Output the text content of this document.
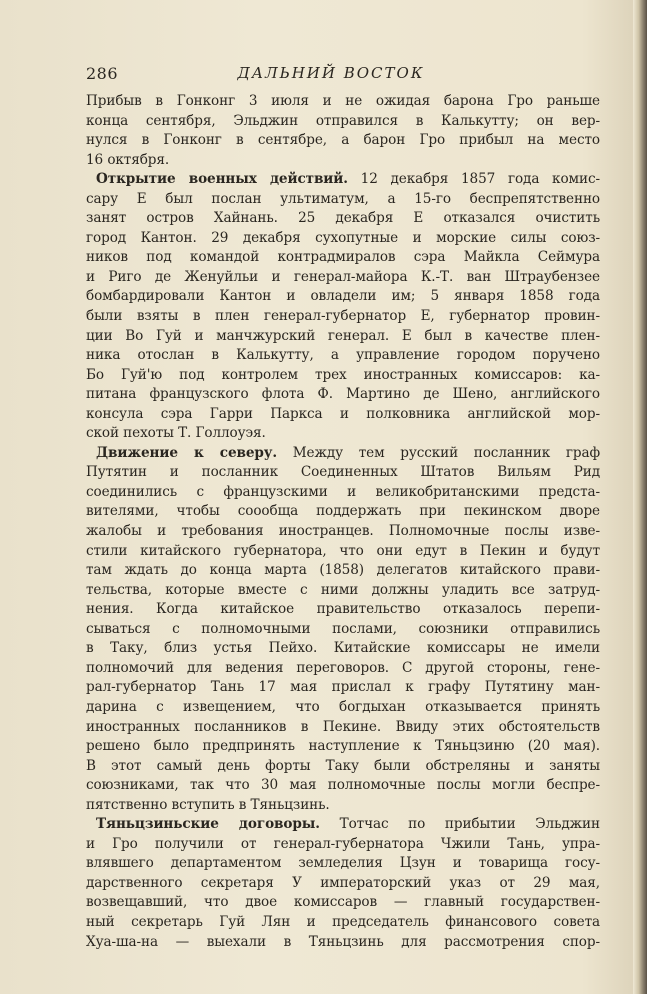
286	ДАЛЬНИЙ ВОСТОК
Прибыв в Гонконг 3 июля и не ожидая барона Гро раньше
конца сентября, Эльджин отправился в Калькутту; он вер-
нулся в Гонконг в сентябре, а барон Гро прибыл на место
16 октября.
Открытие военных действий. 12 декабря 1857 года комис-
сару Е был послан ультиматум, а 15-го беспрепятственно
занят остров Хайнань. 25 декабря Е отказался очистить
город Кантон. 29 декабря сухопутные и морские силы союз-
ников под командой контрадмиралов сэра Майкла Сеймура
и Риго де Женуйльи и генерал-майора К.-Т. ван Штраубензее
бомбардировали Кантон и овладели им; 5 января 1858 года
были взяты в плен генерал-губернатор Е, губернатор провин-
ции Во Гуй и манчжурский генерал. Е был в качестве плен-
ника отослан в Калькутту, а управление городом поручено
Бо Гуй'ю под контролем трех иностранных комиссаров: ка-
питана французского флота Ф. Мартино де Шено, английского
консула сэра Гарри Паркса и полковника английской мор-
ской пехоты Т. Голлоуэя.
Движение к северу. Между тем русский посланник граф
Путятин и посланник Соединенных Штатов Вильям Рид
соединились с французскими и великобританскими предста-
вителями, чтобы соообща поддержать при пекинском дворе
жалобы и требования иностранцев. Полномочные послы изве-
стили китайского губернатора, что они едут в Пекин и будут
там ждать до конца марта (1858) делегатов китайского прави-
тельства, которые вместе с ними должны уладить все затруд-
нения. Когда китайское правительство отказалось перепи-
сываться с полномочными послами, союзники отправились
в Таку, близ устья Пейхо. Китайские комиссары не имели
полномочий для ведения переговоров. С другой стороны, гене-
рал-губернатор Тань 17 мая прислал к графу Путятину ман-
дарина с извещением, что богдыхан отказывается принять
иностранных посланников в Пекине. Ввиду этих обстоятельств
решено было предпринять наступление к Тяньцзиню (20 мая).
В этот самый день форты Таку были обстреляны и заняты
союзниками, так что 30 мая полномочные послы могли беспре-
пятственно вступить в Тяньцзинь.
Тяньцзиньские договоры. Тотчас по прибытии Эльджин
и Гро получили от генерал-губернатора Чжили Тань, упра-
влявшего департаментом земледелия Цзун и товарища госу-
дарственного секретаря У императорский указ от 29 мая,
возвещавший, что двое комиссаров — главный государствен-
ный секретарь Гуй Лян и председатель финансового совета
Хуа-ша-на — выехали в Тяньцзинь для рассмотрения спор-
